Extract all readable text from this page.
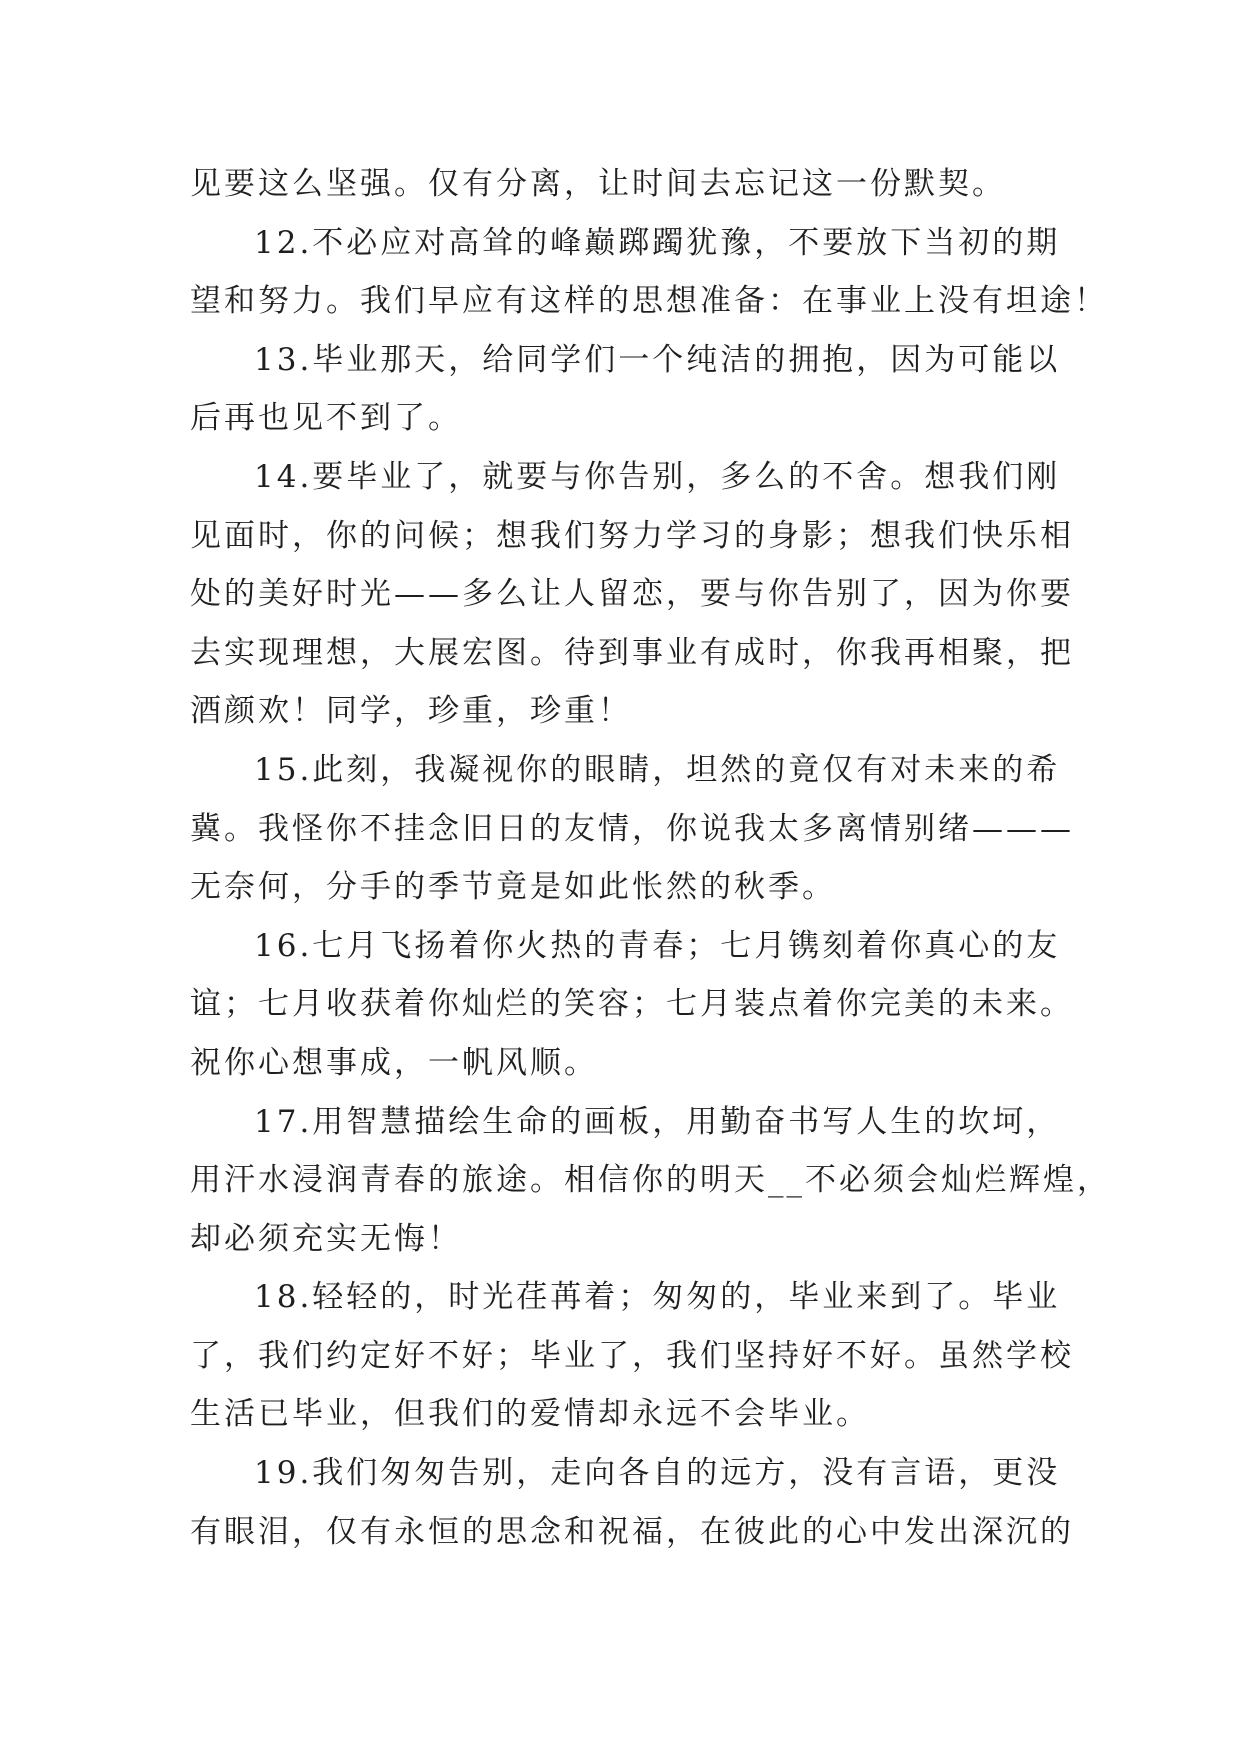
见要这么坚强。仅有分离，让时间去忘记这一份默契。
12.不必应对高耸的峰巅踯躅犹豫，不要放下当初的期
望和努力。我们早应有这样的思想准备：在事业上没有坦途！
13.毕业那天，给同学们一个纯洁的拥抱，因为可能以
后再也见不到了。
14.要毕业了，就要与你告别，多么的不舍。想我们刚
见面时，你的问候；想我们努力学习的身影；想我们快乐相
处的美好时光——多么让人留恋，要与你告别了，因为你要
去实现理想，大展宏图。待到事业有成时，你我再相聚，把
酒颜欢！同学，珍重，珍重！
15.此刻，我凝视你的眼睛，坦然的竟仅有对未来的希
冀。我怪你不挂念旧日的友情，你说我太多离情别绪———
无奈何，分手的季节竟是如此怅然的秋季。
16.七月飞扬着你火热的青春；七月镌刻着你真心的友
谊；七月收获着你灿烂的笑容；七月装点着你完美的未来。
祝你心想事成，一帆风顺。
17.用智慧描绘生命的画板，用勤奋书写人生的坎坷，
用汗水浸润青春的旅途。相信你的明天__不必须会灿烂辉煌，
却必须充实无悔！
18.轻轻的，时光荏苒着；匆匆的，毕业来到了。毕业
了，我们约定好不好；毕业了，我们坚持好不好。虽然学校
生活已毕业，但我们的爱情却永远不会毕业。
19.我们匆匆告别，走向各自的远方，没有言语，更没
有眼泪，仅有永恒的思念和祝福，在彼此的心中发出深沉的
